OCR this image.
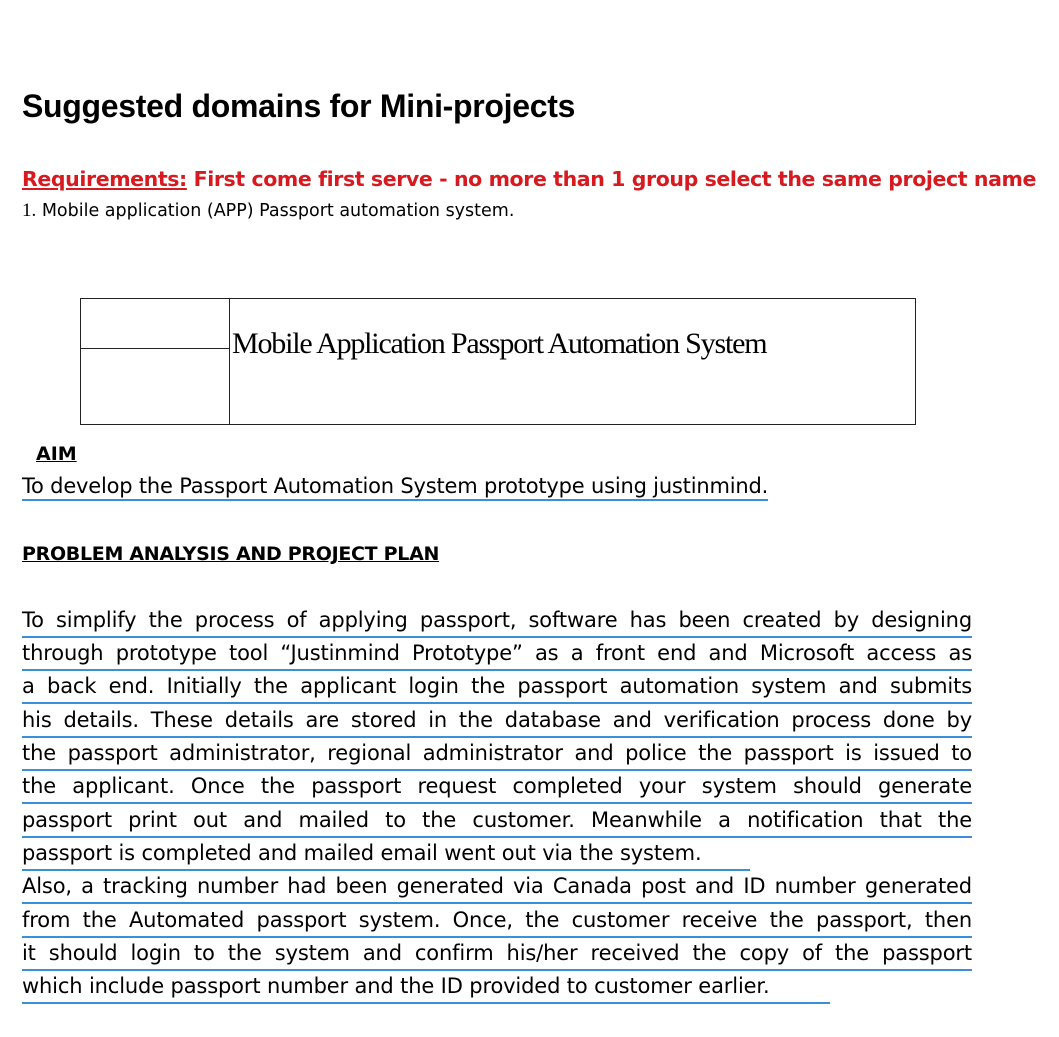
Suggested domains for Mini-projects
Requirements: First come first serve - no more than 1 group select the same project name
1. Mobile application (APP) Passport automation system.
Mobile Application Passport Automation System
AIM
To develop the Passport Automation System prototype using justinmind.
PROBLEM ANALYSIS AND PROJECT PLAN
To simplify the process of applying passport, software has been created by designing
through prototype tool “Justinmind Prototype” as a front end and Microsoft access as
a back end. Initially the applicant login the passport automation system and submits
his details. These details are stored in the database and verification process done by
the passport administrator, regional administrator and police the passport is issued to
the applicant. Once the passport request completed your system should generate
passport print out and mailed to the customer. Meanwhile a notification that the
passport is completed and mailed email went out via the system.
Also, a tracking number had been generated via Canada post and ID number generated
from the Automated passport system. Once, the customer receive the passport, then
it should login to the system and confirm his/her received the copy of the passport
which include passport number and the ID provided to customer earlier.
